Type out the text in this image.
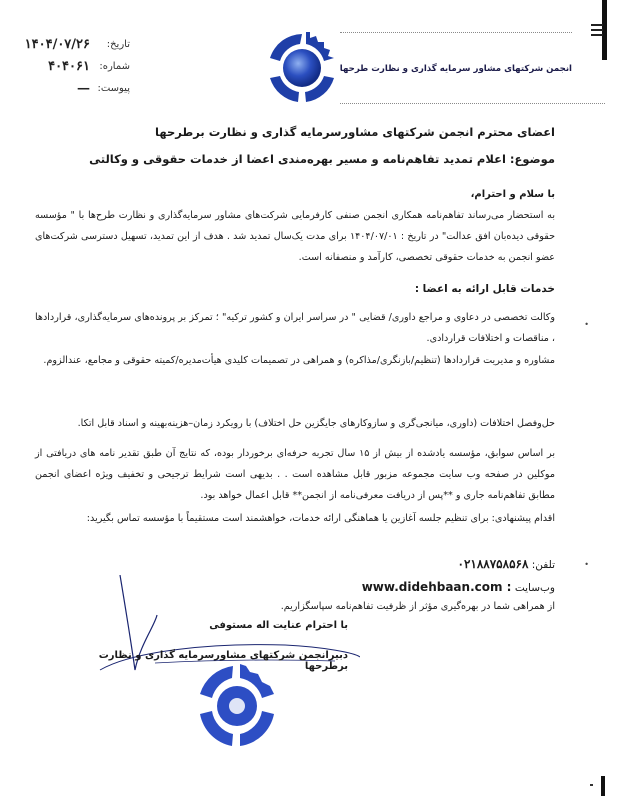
انجمن شرکتهای مشاور سرمایه گذاری و نظارت طرحها
تاریخ:
۱۴۰۴/۰۷/۲۶
شماره:
۴۰۴۰۶۱
پیوست:
—
اعضای محترم انجمن شرکتهای مشاورسرمایه گذاری و نظارت برطرحها
موضوع: اعلام تمدید تفاهم‌نامه و مسیر بهره‌مندی اعضا از خدمات حقوقی و وکالتی
با سلام و احترام،
به استحضار می‌رساند تفاهم‌نامه همکاری انجمن صنفی کارفرمایی شرکت‌های مشاور سرمایه‌گذاری و نظارت طرح‌ها با " مؤسسه حقوقی دیده‌بان افق عدالت" در تاریخ : ۱۴۰۴/۰۷/۰۱ برای مدت یک‌سال تمدید شد . هدف از این تمدید، تسهیل دسترسی شرکت‌های عضو انجمن به خدمات حقوقی تخصصی، کارآمد و منصفانه است.
خدمات قابل ارائه به اعضا :
•
وکالت تخصصی در دعاوی و مراجع داوری/ قضایی " در سراسر ایران و کشور ترکیه" ؛ تمرکز بر پرونده‌های سرمایه‌گذاری، قراردادها ، مناقصات و اختلافات قراردادی.
مشاوره و مدیریت قراردادها (تنظیم/بازنگری/مذاکره) و همراهی در تصمیمات کلیدی هیأت‌مدیره/کمیته حقوقی و مجامع، عندالزوم.
حل‌وفصل اختلافات (داوری، میانجی‌گری و سازوکارهای جایگزین حل اختلاف) با رویکرد زمان–هزینه‌بهینه و اسناد قابل اتکا.
بر اساس سوابق، مؤسسه یادشده از بیش از ۱۵ سال تجربه حرفه‌ای برخوردار بوده، که نتایج آن طبق تقدیر نامه های دریافتی از موکلین در صفحه وب سایت مجموعه مزبور قابل مشاهده است . . بدیهی است شرایط ترجیحی و تخفیف ویژه اعضای انجمن مطابق تفاهم‌نامه جاری و **پس از دریافت معرفی‌نامه از انجمن** قابل اعمال خواهد بود.
اقدام پیشنهادی: برای تنظیم جلسه آغازین یا هماهنگی ارائه خدمات، خواهشمند است مستقیماً با مؤسسه تماس بگیرید:
•
تلفن: ۰۲۱۸۸۷۵۸۵۶۸
وب‌سایت www.didehbaan.com :
از همراهی شما در بهره‌گیری مؤثر از ظرفیت تفاهم‌نامه سپاسگزاریم.
با احترام عنایت اله مستوفی
دبیرانجمن شرکتهای مشاورسرمایه گذاری و نظارت برطرحها
